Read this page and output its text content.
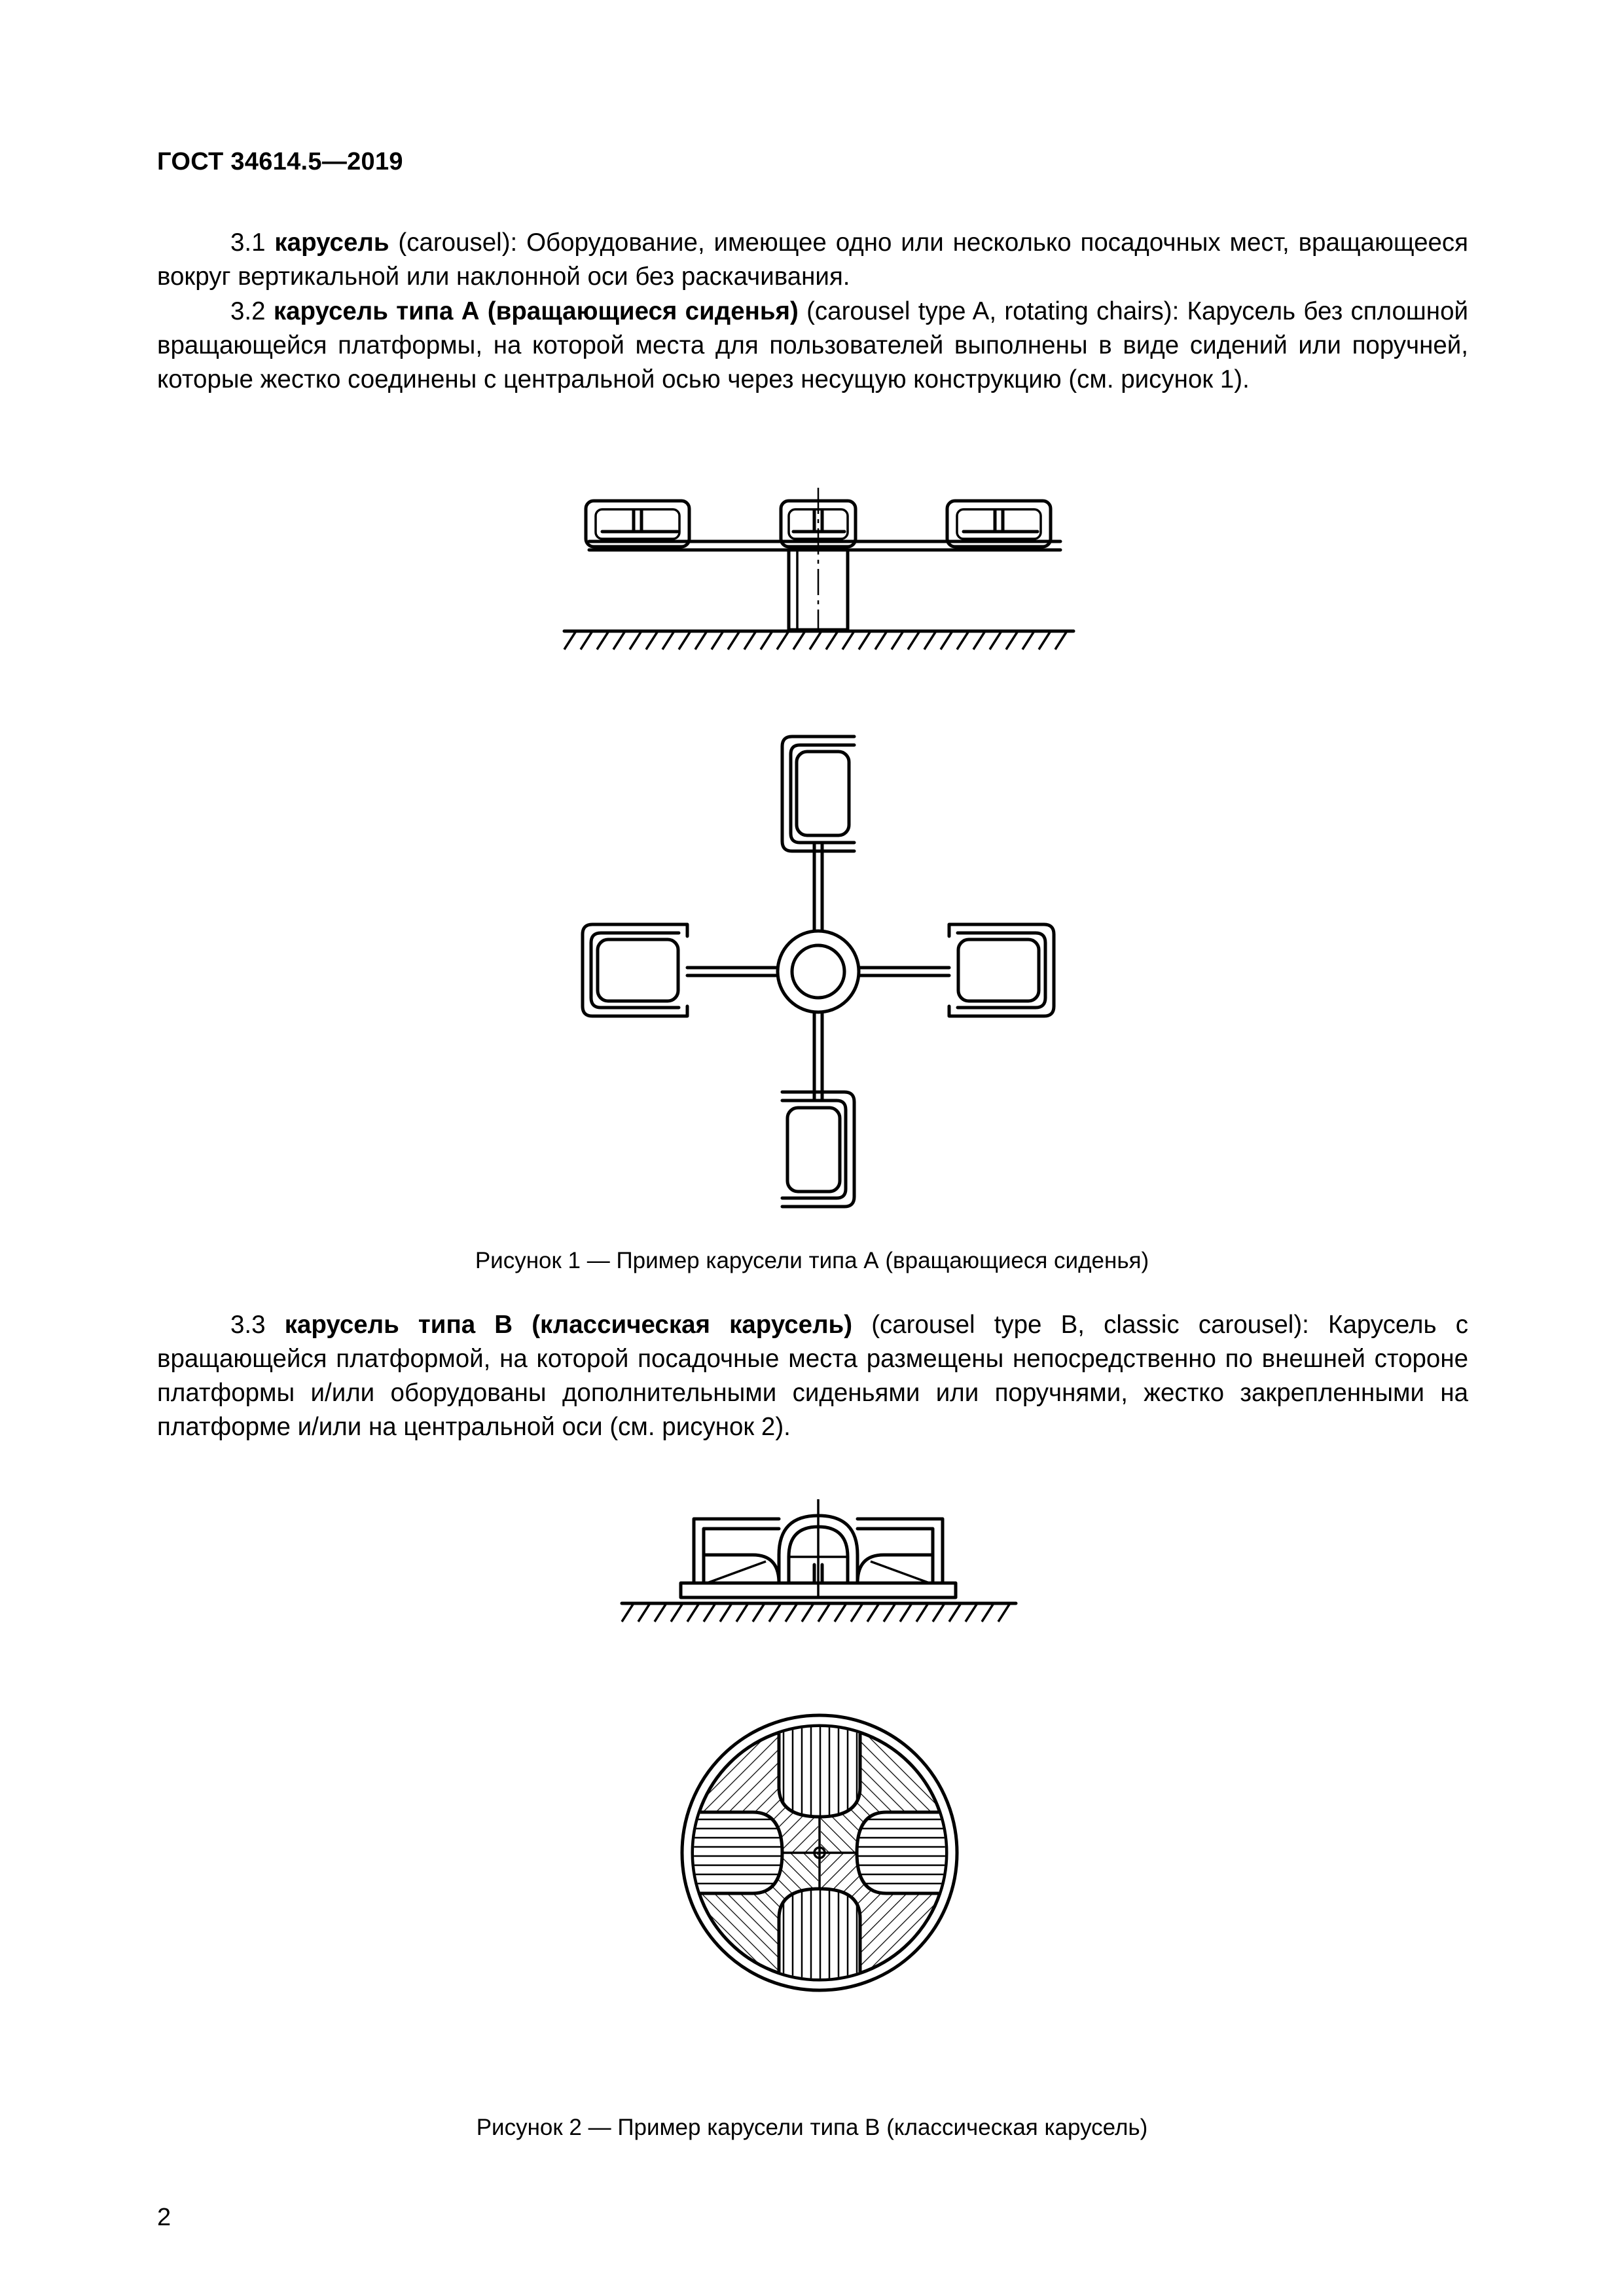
ГОСТ 34614.5—2019

3.1 карусель (carousel): Оборудование, имеющее одно или несколько посадочных мест, вращающееся вокруг вертикальной или наклонной оси без раскачивания.

3.2 карусель типа А (вращающиеся сиденья) (carousel type A, rotating chairs): Карусель без сплошной вращающейся платформы, на которой места для пользователей выполнены в виде сидений или поручней, которые жестко соединены с центральной осью через несущую конструкцию (см. рисунок 1).

3.3 карусель типа В (классическая карусель) (carousel type B, classic carousel): Карусель с вращающейся платформой, на которой посадочные места размещены непосредственно по внешней стороне платформы и/или оборудованы дополнительными сиденьями или поручнями, жестко закрепленными на платформе и/или на центральной оси (см. рисунок 2).

Рисунок 1 — Пример карусели типа А (вращающиеся сиденья)
Рисунок 2 — Пример карусели типа В (классическая карусель)
2
